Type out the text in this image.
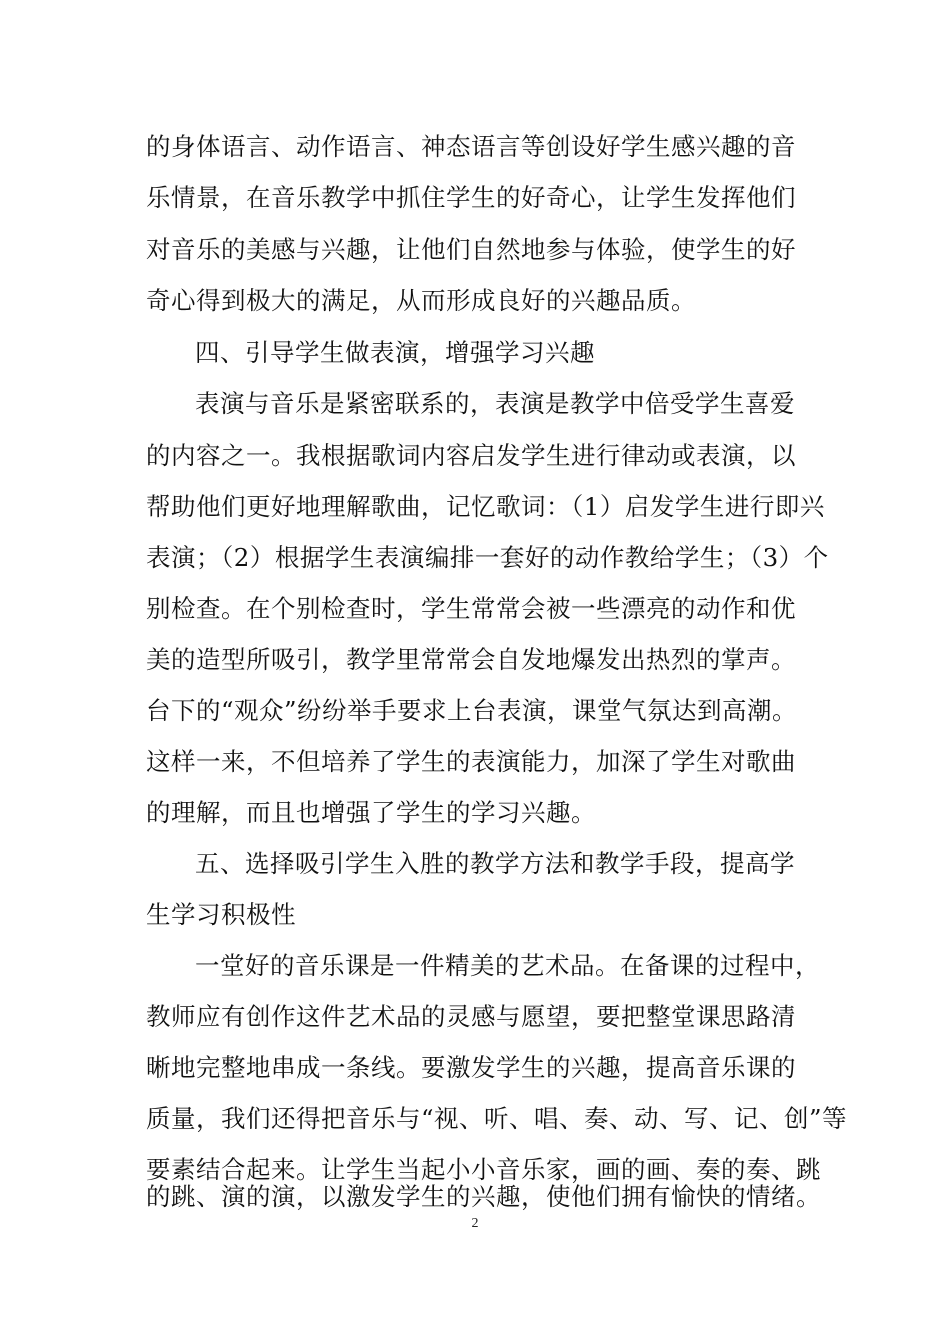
的身体语言、动作语言、神态语言等创设好学生感兴趣的音
乐情景，在音乐教学中抓住学生的好奇心，让学生发挥他们
对音乐的美感与兴趣，让他们自然地参与体验，使学生的好
奇心得到极大的满足，从而形成良好的兴趣品质。
四、引导学生做表演，增强学习兴趣
表演与音乐是紧密联系的，表演是教学中倍受学生喜爱
的内容之一。我根据歌词内容启发学生进行律动或表演，以
帮助他们更好地理解歌曲，记忆歌词：（1）启发学生进行即兴
表演；（2）根据学生表演编排一套好的动作教给学生；（3）个
别检查。在个别检查时，学生常常会被一些漂亮的动作和优
美的造型所吸引，教学里常常会自发地爆发出热烈的掌声。
台下的“观众”纷纷举手要求上台表演，课堂气氛达到高潮。
这样一来，不但培养了学生的表演能力，加深了学生对歌曲
的理解，而且也增强了学生的学习兴趣。
五、选择吸引学生入胜的教学方法和教学手段，提高学
生学习积极性
一堂好的音乐课是一件精美的艺术品。在备课的过程中，
教师应有创作这件艺术品的灵感与愿望，要把整堂课思路清
晰地完整地串成一条线。要激发学生的兴趣，提高音乐课的
质量，我们还得把音乐与“视、听、唱、奏、动、写、记、创”等
要素结合起来。让学生当起小小音乐家，画的画、奏的奏、跳
的跳、演的演，以激发学生的兴趣，使他们拥有愉快的情绪。
2
